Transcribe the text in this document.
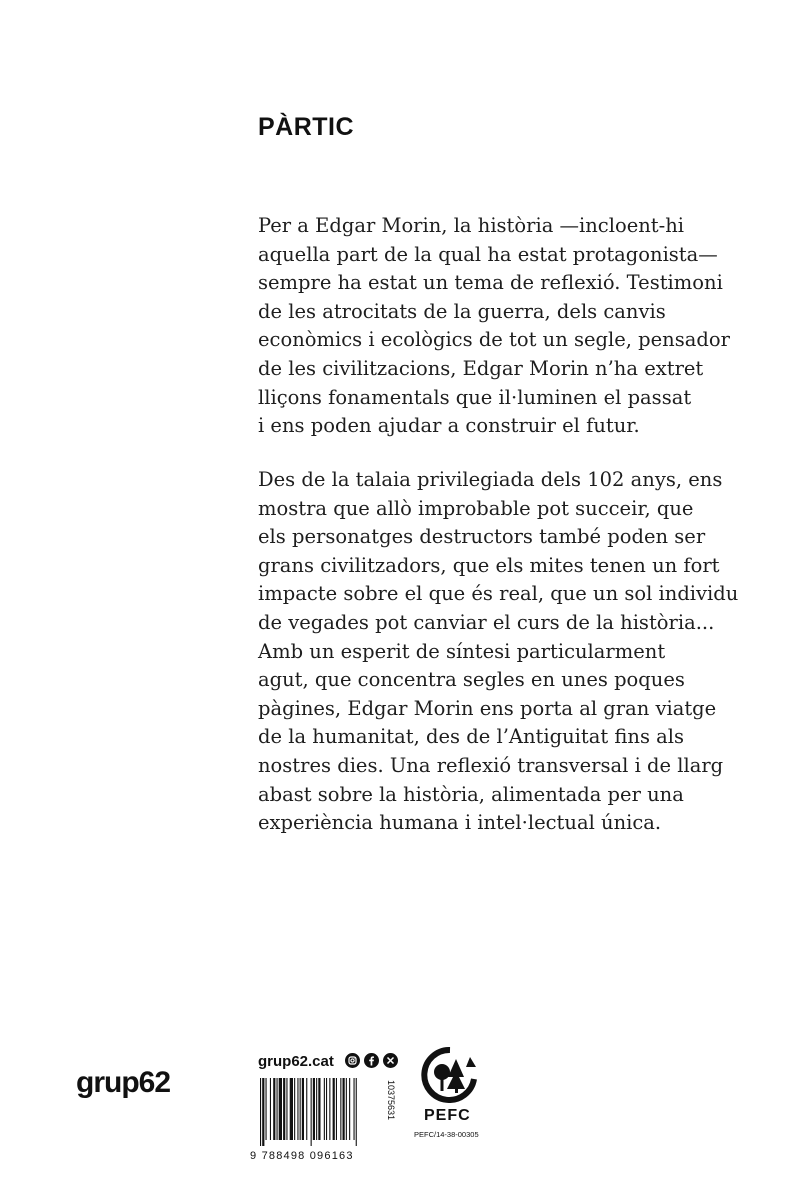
PÀRTIC
Per a Edgar Morin, la història —incloent-hi
aquella part de la qual ha estat protagonista—
sempre ha estat un tema de reflexió. Testimoni
de les atrocitats de la guerra, dels canvis
econòmics i ecològics de tot un segle, pensador
de les civilitzacions, Edgar Morin n’ha extret
lliçons fonamentals que il·luminen el passat
i ens poden ajudar a construir el futur.
Des de la talaia privilegiada dels 102 anys, ens
mostra que allò improbable pot succeir, que
els personatges destructors també poden ser
grans civilitzadors, que els mites tenen un fort
impacte sobre el que és real, que un sol individu
de vegades pot canviar el curs de la història...
Amb un esperit de síntesi particularment
agut, que concentra segles en unes poques
pàgines, Edgar Morin ens porta al gran viatge
de la humanitat, des de l’Antiguitat fins als
nostres dies. Una reflexió transversal i de llarg
abast sobre la història, alimentada per una
experiència humana i intel·lectual única.
grup62
grup62.cat
9 788498 096163
10375631 PEFC
PEFC/14-38-00305
